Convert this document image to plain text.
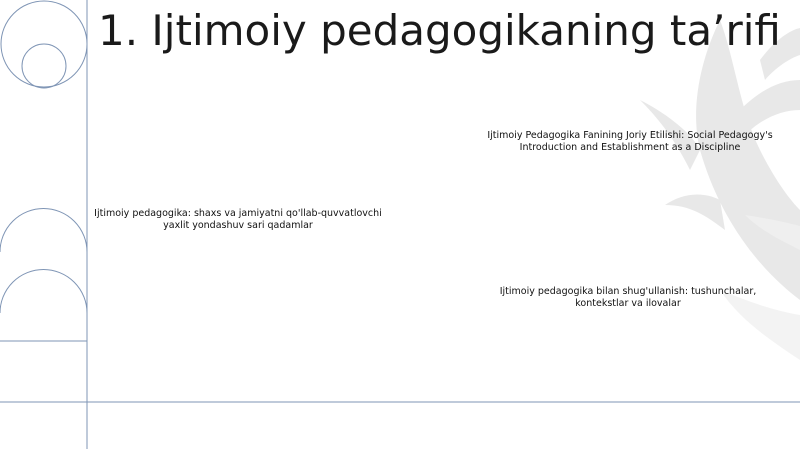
1. Ijtimoiy pedagogikaning ta’rifi
Ijtimoiy Pedagogika Fanining Joriy Etilishi: Social Pedagogy's Introduction and Establishment as a Discipline
Ijtimoiy pedagogika: shaxs va jamiyatni qo'llab-quvvatlovchi yaxlit yondashuv sari qadamlar
Ijtimoiy pedagogika bilan shug'ullanish: tushunchalar, kontekstlar va ilovalar
